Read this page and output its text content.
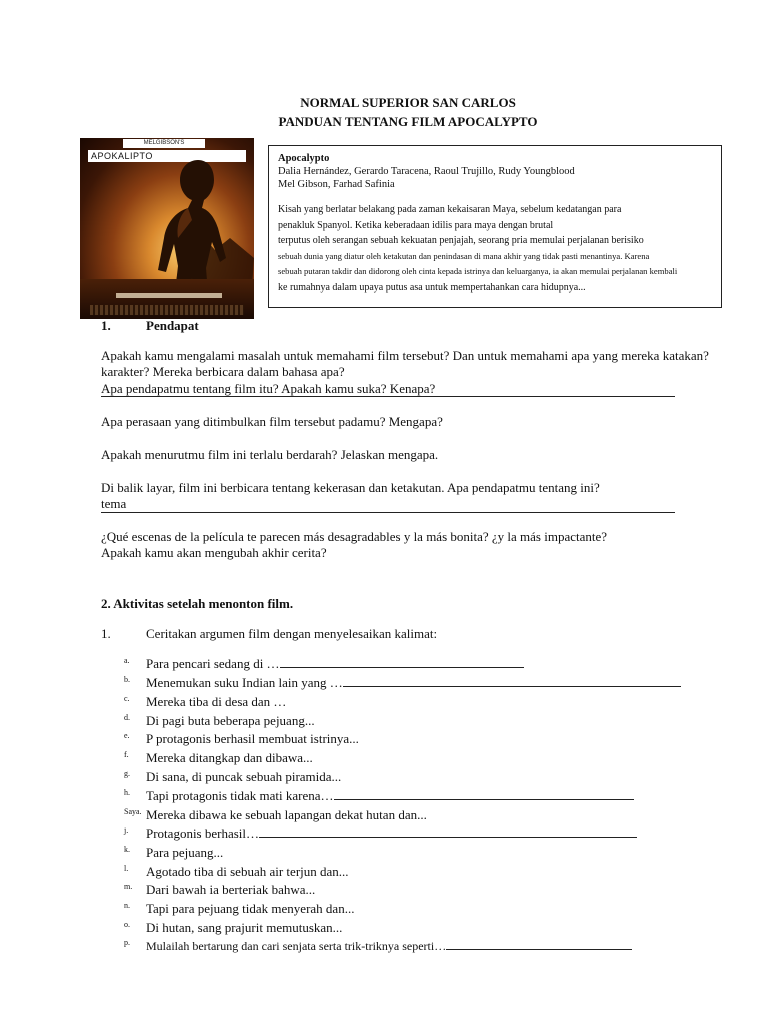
NORMAL SUPERIOR SAN CARLOS
PANDUAN TENTANG FILM APOCALYPTO
MELGIBSON'S
APOKALIPTO	Apocalypto
Dalia Hernández, Gerardo Taracena, Raoul Trujillo, Rudy Youngblood
Mel Gibson, Farhad Safinia
Kisah yang berlatar belakang pada zaman kekaisaran Maya, sebelum kedatangan para
penakluk Spanyol. Ketika keberadaan idilis para maya dengan brutal
terputus oleh serangan sebuah kekuatan penjajah, seorang pria memulai perjalanan berisiko
sebuah dunia yang diatur oleh ketakutan dan penindasan di mana akhir yang tidak pasti menantinya. Karena
sebuah putaran takdir dan didorong oleh cinta kepada istrinya dan keluarganya, ia akan memulai perjalanan kembali
ke rumahnya dalam upaya putus asa untuk mempertahankan cara hidupnya...
1.	Pendapat
Apakah kamu mengalami masalah untuk memahami film tersebut? Dan untuk memahami apa yang mereka katakan?
karakter? Mereka berbicara dalam bahasa apa?
Apa pendapatmu tentang film itu? Apakah kamu suka? Kenapa?
Apa perasaan yang ditimbulkan film tersebut padamu? Mengapa?
Apakah menurutmu film ini terlalu berdarah? Jelaskan mengapa.
Di balik layar, film ini berbicara tentang kekerasan dan ketakutan. Apa pendapatmu tentang ini?
tema
¿Qué escenas de la película te parecen más desagradables y la más bonita? ¿y la más impactante?
Apakah kamu akan mengubah akhir cerita?
2. Aktivitas setelah menonton film.
1.	Ceritakan argumen film dengan menyelesaikan kalimat:
a.	Para pencari sedang di …
b.	Menemukan suku Indian lain yang …
c.	Mereka tiba di desa dan …
d.	Di pagi buta beberapa pejuang...
e.	P protagonis berhasil membuat istrinya...
f.	Mereka ditangkap dan dibawa...
g.	Di sana, di puncak sebuah piramida...
h.	Tapi protagonis tidak mati karena…
Saya. Mereka dibawa ke sebuah lapangan dekat hutan dan...
j.	Protagonis berhasil…
k.	Para pejuang...
l.	Agotado tiba di sebuah air terjun dan...
m.	Dari bawah ia berteriak bahwa...
n.	Tapi para pejuang tidak menyerah dan...
o.	Di hutan, sang prajurit memutuskan...
p.	Mulailah bertarung dan cari senjata serta trik-triknya seperti…
